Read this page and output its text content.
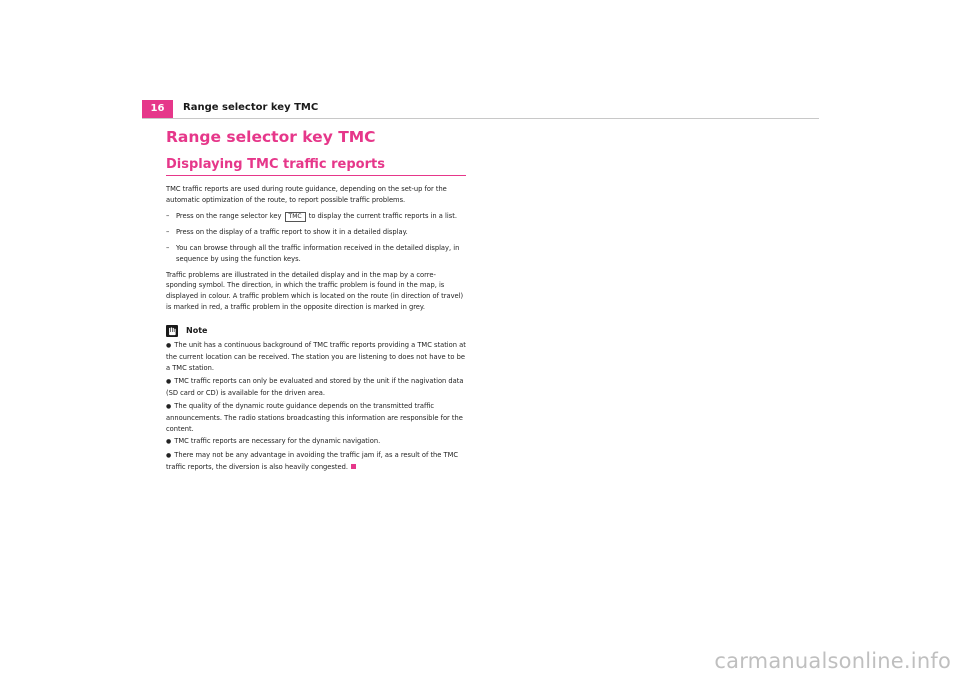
16	Range selector key TMC
Range selector key TMC
Displaying TMC traffic reports

TMC traffic reports are used during route guidance, depending on the set-up for the automatic optimization of the route, to report possible traffic problems.

– Press on the range selector key TMC to display the current traffic reports in a list.
– Press on the display of a traffic report to show it in a detailed display.
– You can browse through all the traffic information received in the detailed display, in sequence by using the function keys.

Traffic problems are illustrated in the detailed display and in the map by a corre-sponding symbol. The direction, in which the traffic problem is found in the map, is displayed in colour. A traffic problem which is located on the route (in direction of travel) is marked in red, a traffic problem in the opposite direction is marked in grey.

Note
● The unit has a continuous background of TMC traffic reports providing a TMC station at the current location can be received. The station you are listening to does not have to be a TMC station.
● TMC traffic reports can only be evaluated and stored by the unit if the nagivation data (SD card or CD) is available for the driven area.
● The quality of the dynamic route guidance depends on the transmitted traffic announcements. The radio stations broadcasting this information are responsible for the content.
● TMC traffic reports are necessary for the dynamic navigation.
● There may not be any advantage in avoiding the traffic jam if, as a result of the TMC traffic reports, the diversion is also heavily congested.
carmanualsonline.info
